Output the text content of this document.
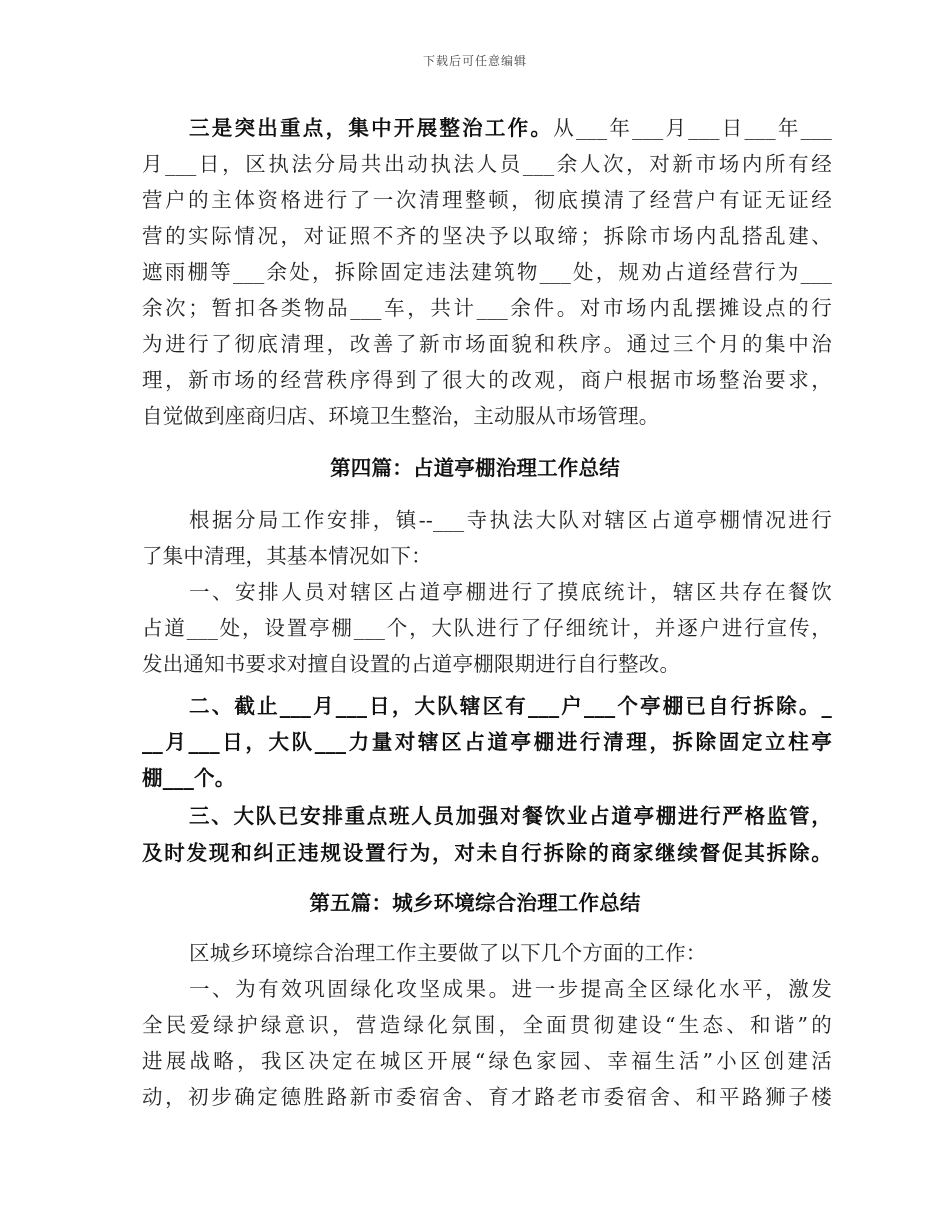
下载后可任意编辑
三是突出重点，集中开展整治工作。从___年___月___日___年___
月___日，区执法分局共出动执法人员___余人次，对新市场内所有经
营户的主体资格进行了一次清理整顿，彻底摸清了经营户有证无证经
营的实际情况，对证照不齐的坚决予以取缔；拆除市场内乱搭乱建、
遮雨棚等___余处，拆除固定违法建筑物___处，规劝占道经营行为___
余次；暂扣各类物品___车，共计___余件。对市场内乱摆摊设点的行
为进行了彻底清理，改善了新市场面貌和秩序。通过三个月的集中治
理，新市场的经营秩序得到了很大的改观，商户根据市场整治要求，
自觉做到座商归店、环境卫生整治，主动服从市场管理。
第四篇：占道亭棚治理工作总结
根据分局工作安排，镇--___寺执法大队对辖区占道亭棚情况进行
了集中清理，其基本情况如下：
一、安排人员对辖区占道亭棚进行了摸底统计，辖区共存在餐饮
占道___处，设置亭棚___个，大队进行了仔细统计，并逐户进行宣传，
发出通知书要求对擅自设置的占道亭棚限期进行自行整改。
二、截止___月___日，大队辖区有___户___个亭棚已自行拆除。_
__月___日，大队___力量对辖区占道亭棚进行清理，拆除固定立柱亭
棚___个。
三、大队已安排重点班人员加强对餐饮业占道亭棚进行严格监管，
及时发现和纠正违规设置行为，对未自行拆除的商家继续督促其拆除。
第五篇：城乡环境综合治理工作总结
区城乡环境综合治理工作主要做了以下几个方面的工作：
一、为有效巩固绿化攻坚成果。进一步提高全区绿化水平，激发
全民爱绿护绿意识，营造绿化氛围，全面贯彻建设“生态、和谐”的
进展战略，我区决定在城区开展“绿色家园、幸福生活”小区创建活
动，初步确定德胜路新市委宿舍、育才路老市委宿舍、和平路狮子楼
